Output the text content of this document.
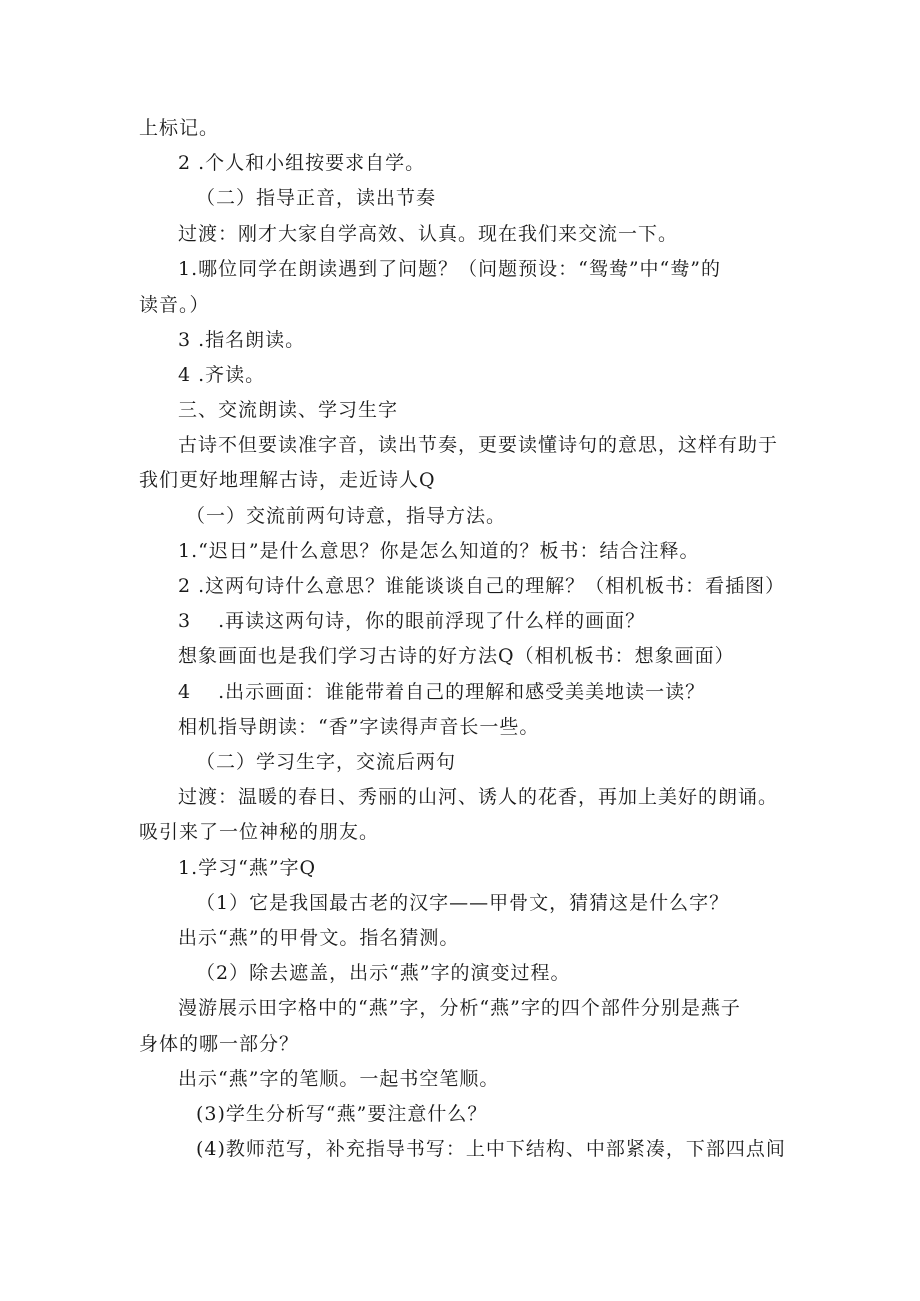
上标记。
2 .个人和小组按要求自学。
（二）指导正音，读出节奏
过渡：刚才大家自学高效、认真。现在我们来交流一下。
1.哪位同学在朗读遇到了问题？（问题预设：“鸳鸯”中“鸯”的
读音。）
3 .指名朗读。
4 .齐读。
三、交流朗读、学习生字
古诗不但要读准字音，读出节奏，更要读懂诗句的意思，这样有助于
我们更好地理解古诗，走近诗人Q
（一）交流前两句诗意，指导方法。
1.“迟日”是什么意思？你是怎么知道的？板书：结合注释。
2 .这两句诗什么意思？谁能谈谈自己的理解？（相机板书：看插图）
3 　.再读这两句诗，你的眼前浮现了什么样的画面？
想象画面也是我们学习古诗的好方法Q（相机板书：想象画面）
4 　.出示画面：谁能带着自己的理解和感受美美地读一读？
相机指导朗读：“香”字读得声音长一些。
（二）学习生字，交流后两句
过渡：温暖的春日、秀丽的山河、诱人的花香，再加上美好的朗诵。
吸引来了一位神秘的朋友。
1.学习“燕”字Q
（1）它是我国最古老的汉字——甲骨文，猜猜这是什么字？
出示“燕”的甲骨文。指名猜测。
（2）除去遮盖，出示“燕”字的演变过程。
漫游展示田字格中的“燕”字，分析“燕”字的四个部件分别是燕子
身体的哪一部分？
出示“燕”字的笔顺。一起书空笔顺。
(3)学生分析写“燕”要注意什么？
(4)教师范写，补充指导书写：上中下结构、中部紧凑，下部四点间
